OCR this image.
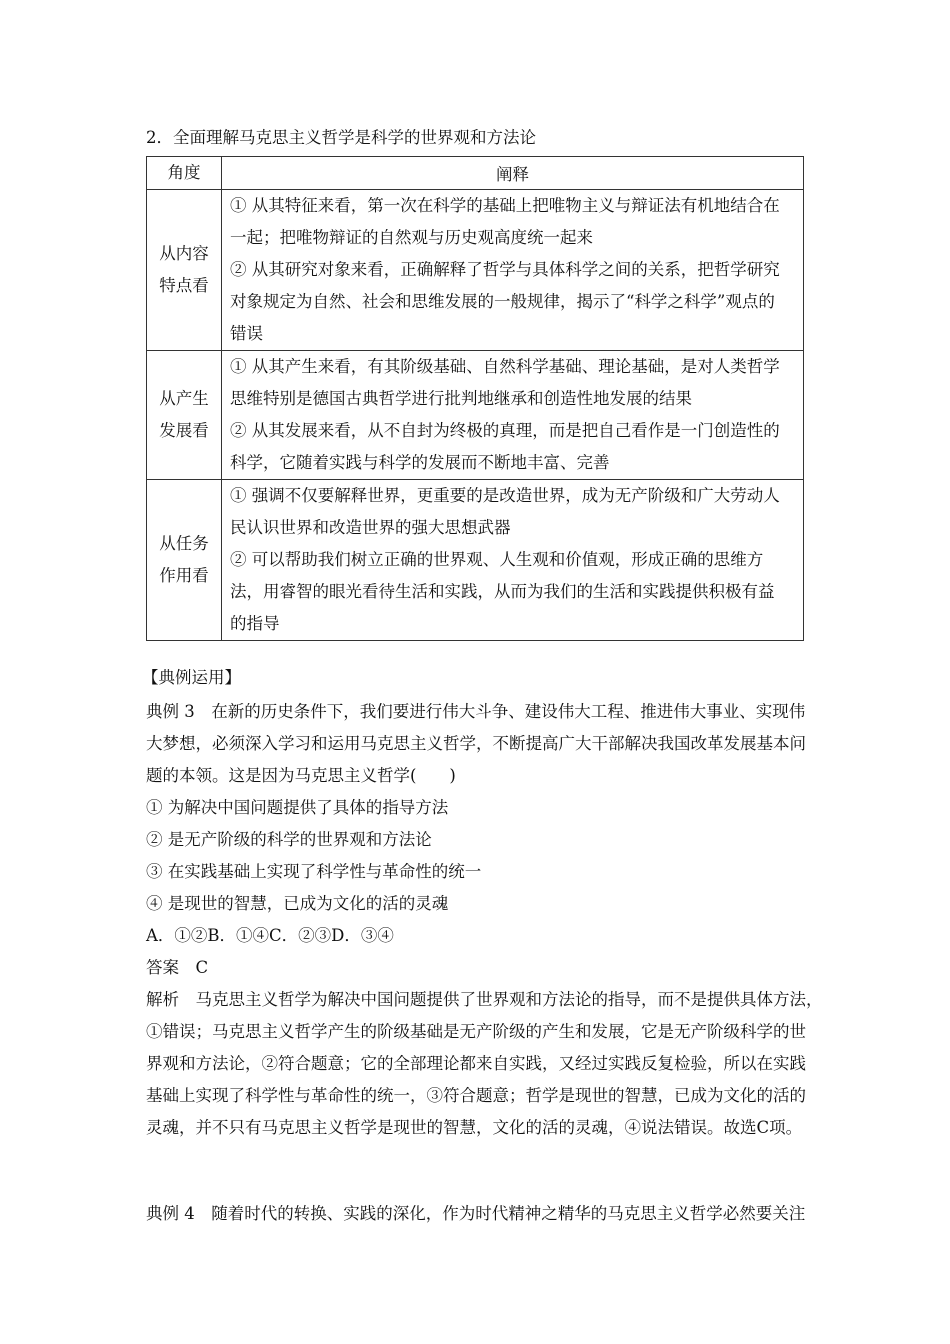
2．全面理解马克思主义哲学是科学的世界观和方法论
角度	阐释

从内容
特点看	① 从其特征来看，第一次在科学的基础上把唯物主义与辩证法有机地结合在
一起；把唯物辩证的自然观与历史观高度统一起来
② 从其研究对象来看，正确解释了哲学与具体科学之间的关系，把哲学研究
对象规定为自然、社会和思维发展的一般规律，揭示了“科学之科学”观点的
错误

从产生
发展看	① 从其产生来看，有其阶级基础、自然科学基础、理论基础，是对人类哲学
思维特别是德国古典哲学进行批判地继承和创造性地发展的结果
② 从其发展来看，从不自封为终极的真理，而是把自己看作是一门创造性的
科学，它随着实践与科学的发展而不断地丰富、完善

从任务
作用看	① 强调不仅要解释世界，更重要的是改造世界，成为无产阶级和广大劳动人
民认识世界和改造世界的强大思想武器
② 可以帮助我们树立正确的世界观、人生观和价值观，形成正确的思维方
法，用睿智的眼光看待生活和实践，从而为我们的生活和实践提供积极有益
的指导
【典例运用】
典例 3　在新的历史条件下，我们要进行伟大斗争、建设伟大工程、推进伟大事业、实现伟
大梦想，必须深入学习和运用马克思主义哲学，不断提高广大干部解决我国改革发展基本问
题的本领。这是因为马克思主义哲学(　　)
① 为解决中国问题提供了具体的指导方法
② 是无产阶级的科学的世界观和方法论
③ 在实践基础上实现了科学性与革命性的统一
④ 是现世的智慧，已成为文化的活的灵魂
A．①②B．①④C．②③D．③④
答案　C
解析　马克思主义哲学为解决中国问题提供了世界观和方法论的指导，而不是提供具体方法，
①错误；马克思主义哲学产生的阶级基础是无产阶级的产生和发展，它是无产阶级科学的世
界观和方法论，②符合题意；它的全部理论都来自实践，又经过实践反复检验，所以在实践
基础上实现了科学性与革命性的统一，③符合题意；哲学是现世的智慧，已成为文化的活的
灵魂，并不只有马克思主义哲学是现世的智慧，文化的活的灵魂，④说法错误。故选C项。
典例 4　随着时代的转换、实践的深化，作为时代精神之精华的马克思主义哲学必然要关注
